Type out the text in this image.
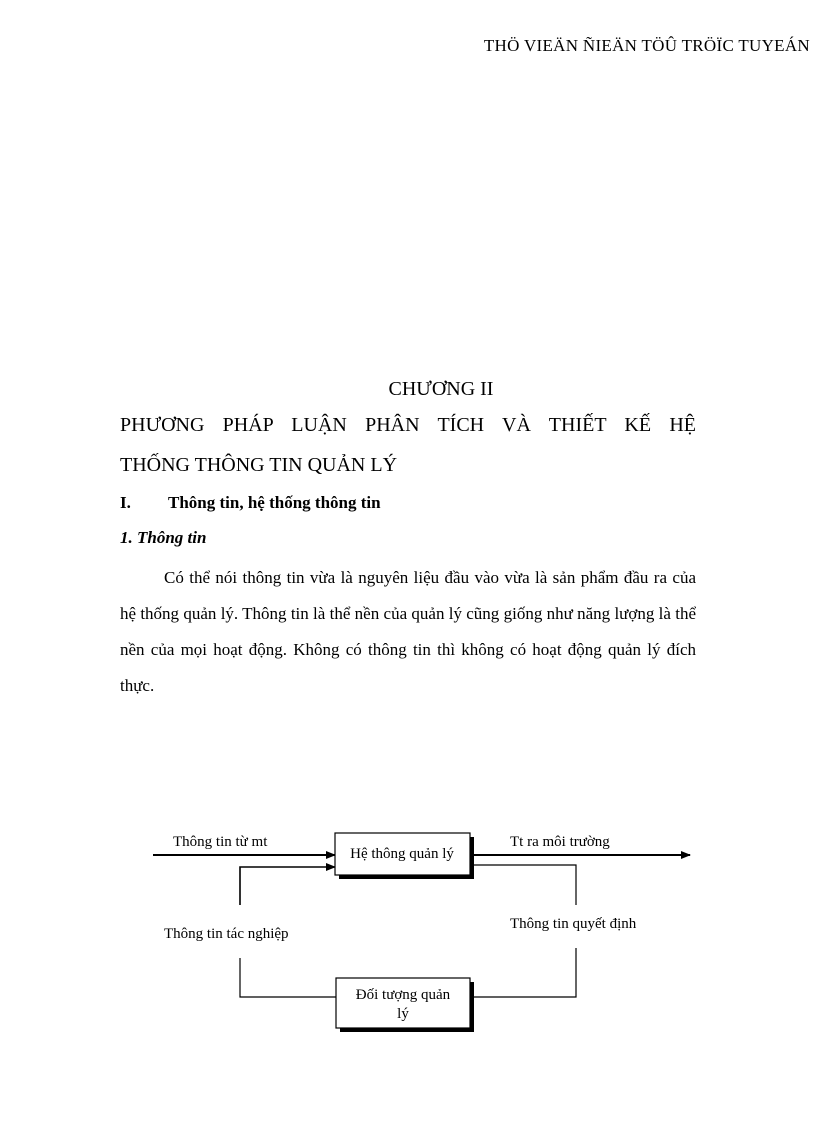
THÖ VIEÄN ÑIEÄN TÖÛ TRÖÏC TUYEÁN
CHƯƠNG II
PHƯƠNG PHÁP LUẬN PHÂN TÍCH VÀ THIẾT KẾ HỆ
THỐNG THÔNG TIN QUẢN LÝ
I. Thông tin, hệ thống thông tin
1. Thông tin

Có thể nói thông tin vừa là nguyên liệu đầu vào vừa là sản phẩm đầu ra của hệ thống quản lý. Thông tin là thể nền của quản lý cũng giống như năng lượng là thể nền của mọi hoạt động. Không có thông tin thì không có hoạt động quản lý đích thực.

Thông tin từ mt
Hệ thông quản lý
Tt ra môi trường
Thông tin tác nghiệp
Thông tin quyết định
Đối tượng quản
lý
